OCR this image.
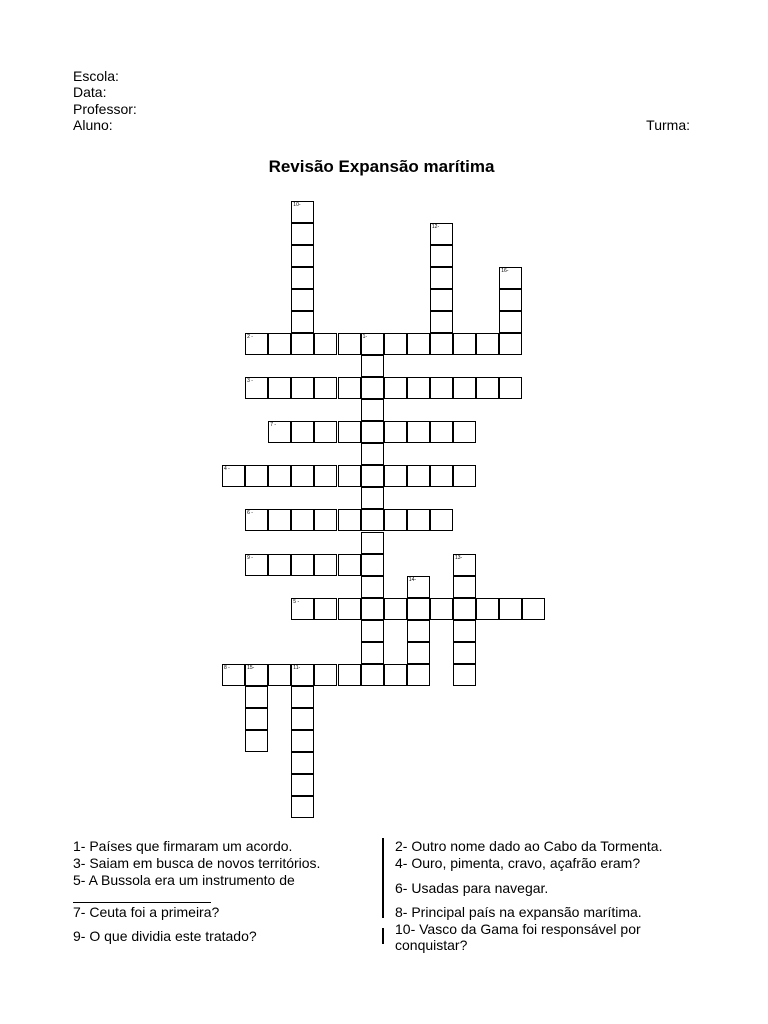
Escola:
Data:
Professor:
Aluno:	Turma:
Revisão Expansão marítima
1-
2 -
3 -
4 -
5 -
6 -
7 -
8 -	15-	11-
9 -
10-
12-
13-
14-
16-
1- Países que firmaram um acordo.
3- Saiam em busca de novos territórios.
5- A Bussola era um instrumento de
7- Ceuta foi a primeira?
9- O que dividia este tratado?
2- Outro nome dado ao Cabo da Tormenta.
4- Ouro, pimenta, cravo, açafrão eram?
6- Usadas para navegar.
8- Principal país na expansão marítima.
10- Vasco da Gama foi responsável por
conquistar?
